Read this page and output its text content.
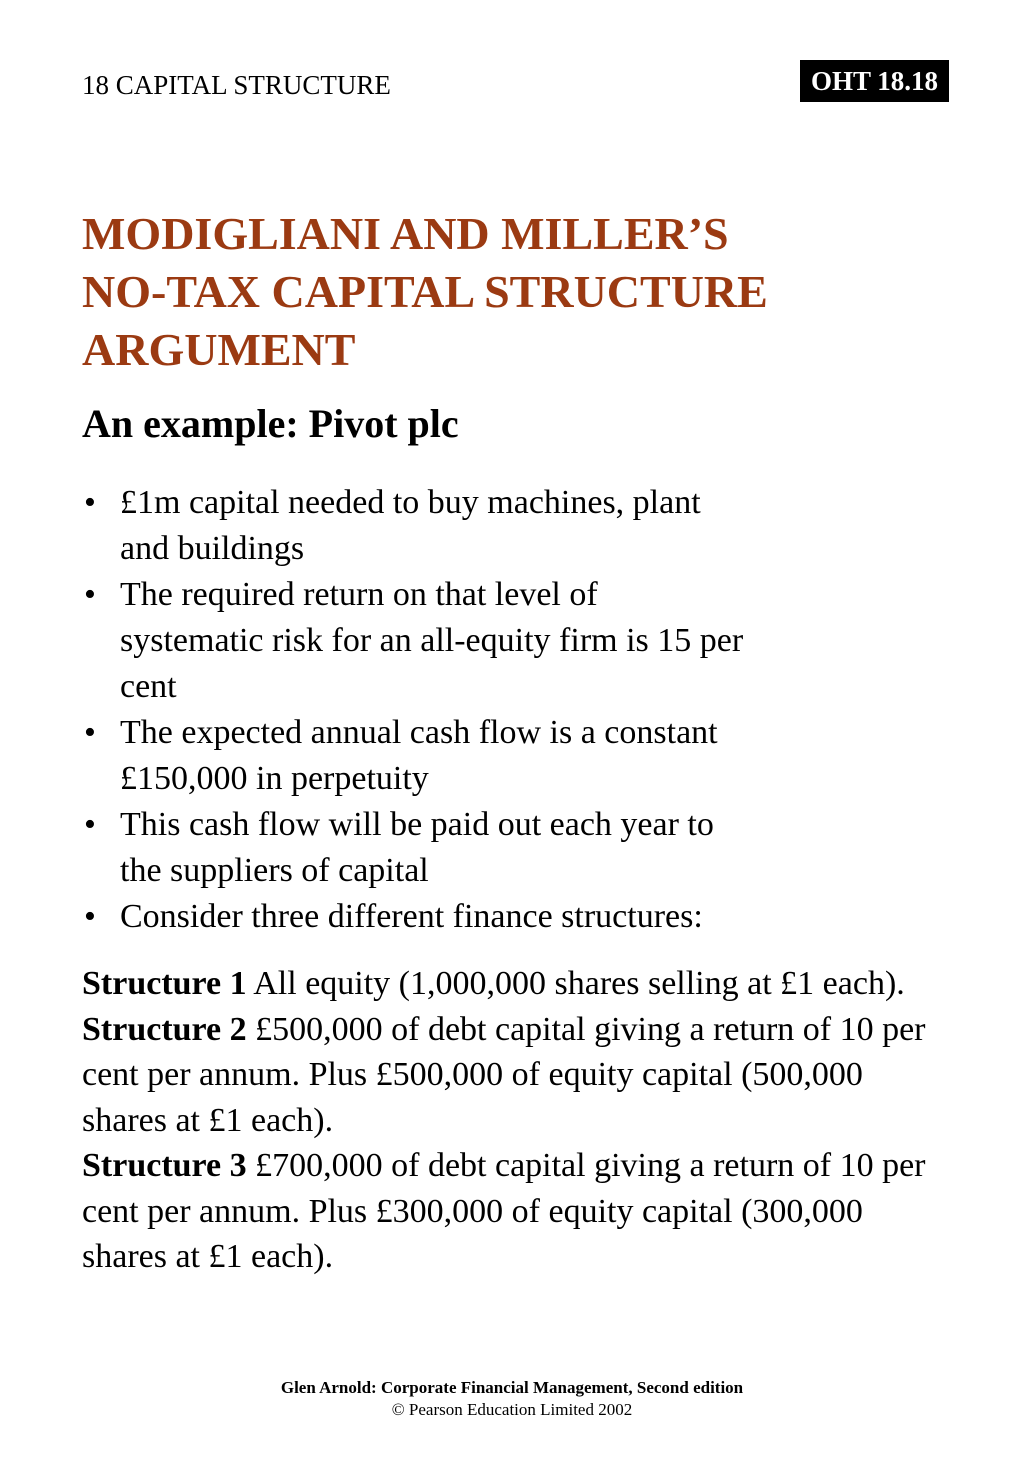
18 CAPITAL STRUCTURE	OHT 18.18
MODIGLIANI AND MILLER’S
NO-TAX CAPITAL STRUCTURE
ARGUMENT
An example: Pivot plc
• £1m capital needed to buy machines, plant
and buildings
• The required return on that level of
systematic risk for an all-equity firm is 15 per
cent
• The expected annual cash flow is a constant
£150,000 in perpetuity
• This cash flow will be paid out each year to
the suppliers of capital
• Consider three different finance structures:

Structure 1 All equity (1,000,000 shares selling at £1 each).

Structure 2 £500,000 of debt capital giving a return of 10 per cent per annum. Plus £500,000 of equity capital (500,000 shares at £1 each).

Structure 3 £700,000 of debt capital giving a return of 10 per cent per annum. Plus £300,000 of equity capital (300,000 shares at £1 each).

Glen Arnold: Corporate Financial Management, Second edition
© Pearson Education Limited 2002
